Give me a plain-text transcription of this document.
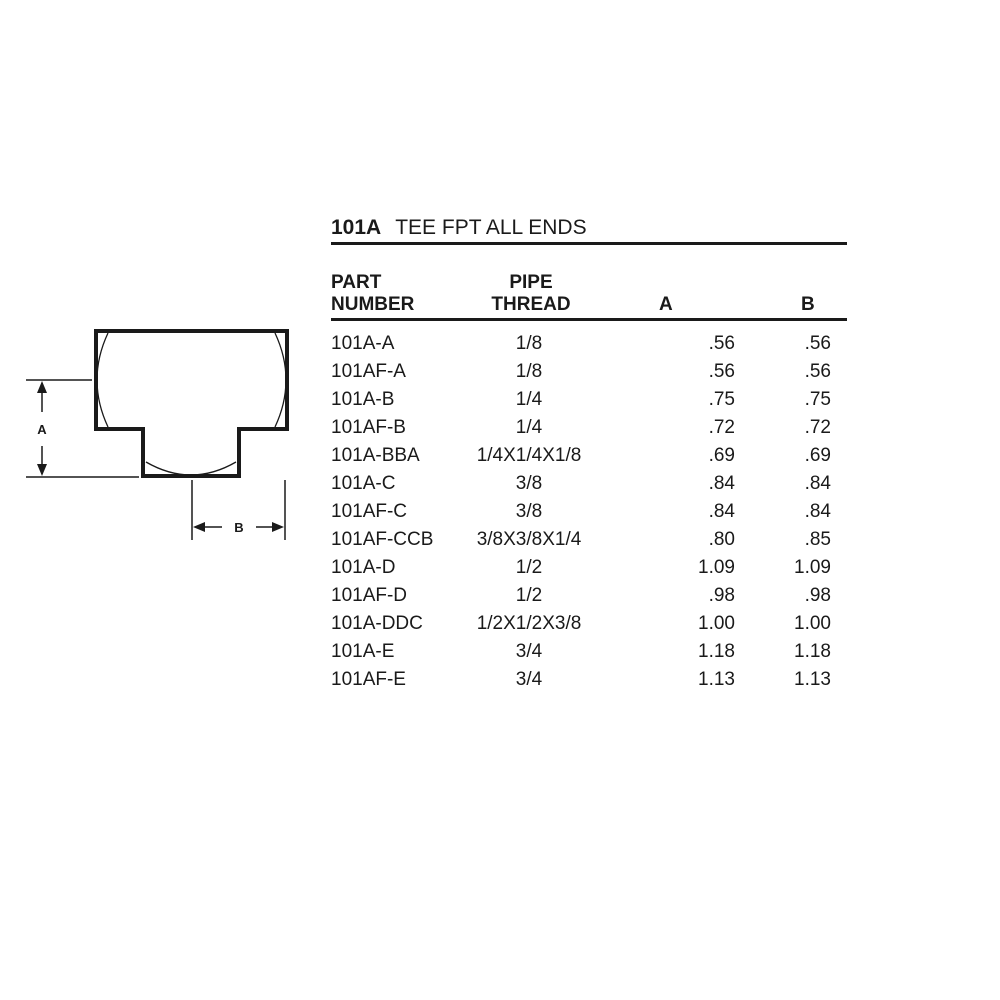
A
B
101A TEE FPT ALL ENDS
PART
NUMBER
PIPE
THREAD	A	B
101A-A	1/8	.56	.56
101AF-A	1/8	.56	.56
101A-B	1/4	.75	.75
101AF-B	1/4	.72	.72
101A-BBA	1/4X1/4X1/8	.69	.69
101A-C	3/8	.84	.84
101AF-C	3/8	.84	.84
101AF-CCB	3/8X3/8X1/4	.80	.85
101A-D	1/2	1.09	1.09
101AF-D	1/2	.98	.98
101A-DDC	1/2X1/2X3/8	1.00	1.00
101A-E	3/4	1.18	1.18
101AF-E	3/4	1.13	1.13
